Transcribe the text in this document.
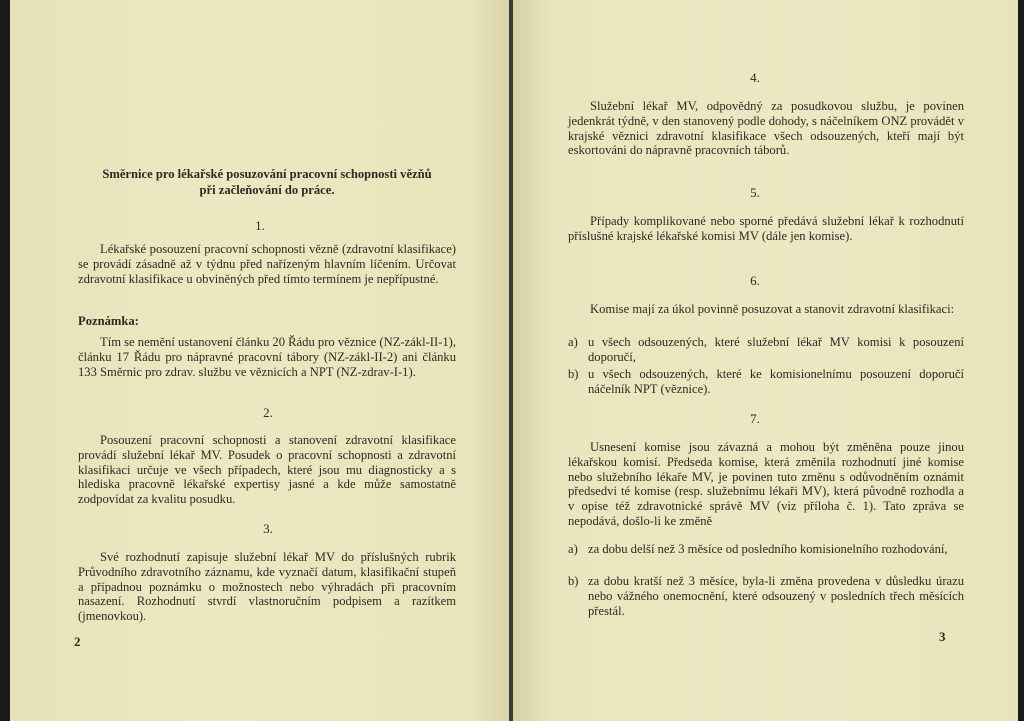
Směrnice pro lékařské posuzování pracovní schopnosti vězňů

při začleňování do práce.

1.

Lékařské posouzení pracovní schopnosti vězně (zdravotní klasifikace) se provádí zásadně až v týdnu před nařízeným hlavním líčením. Určovat zdravotní klasifikace u obviněných před tímto termínem je nepřípustné.

Poznámka:

Tím se nemění ustanovení článku 20 Řádu pro věznice (NZ-zákl-II-1), článku 17 Řádu pro nápravné pracovní tábory (NZ-zákl-II-2) ani článku 133 Směrnic pro zdrav. službu ve věznicích a NPT (NZ-zdrav-I-1).

2.

Posouzení pracovní schopnosti a stanovení zdravotní klasifikace provádí služební lékař MV. Posudek o pracovní schopnosti a zdravotní klasifikaci určuje ve všech případech, které jsou mu diagnosticky a s hlediska pracovně lékařské expertisy jasné a kde může samostatně zodpovídat za kvalitu posudku.

3.

Své rozhodnutí zapisuje služební lékař MV do příslušných rubrik Průvodního zdravotního záznamu, kde vyznačí datum, klasifikační stupeň a případnou poznámku o možnostech nebo výhradách při pracovním nasazení. Rozhodnutí stvrdí vlastnoručním podpisem a razítkem (jmenovkou).

2

4.

Služební lékař MV, odpovědný za posudkovou službu, je povinen jedenkrát týdně, v den stanovený podle dohody, s náčelníkem ONZ provádět v krajské věznici zdravotní klasifikace všech odsouzených, kteří mají být eskortováni do nápravně pracovních táborů.

5.

Případy komplikované nebo sporné předává služební lékař k rozhodnutí příslušné krajské lékařské komisi MV (dále jen komise).

6.

Komise mají za úkol povinně posuzovat a stanovit zdravotní klasifikaci:

a) u všech odsouzených, které služební lékař MV komisi k posouzení doporučí,
b) u všech odsouzených, které ke komisionelnímu posouzení doporučí náčelník NPT (věznice).

7.

Usnesení komise jsou závazná a mohou být změněna pouze jinou lékařskou komisí. Předseda komise, která změnila rozhodnutí jiné komise nebo služebního lékaře MV, je povinen tuto změnu s odůvodněním oznámit předsedvi té komise (resp. služebnímu lékaři MV), která původně rozhodla a v opise též zdravotnické správě MV (viz příloha č. 1). Tato zpráva se nepodává, došlo-li ke změně

a) za dobu delší než 3 měsíce od posledního komisionelního rozhodování,
b) za dobu kratší než 3 měsíce, byla-li změna provedena v důsledku úrazu nebo vážného onemocnění, které odsouzený v posledních třech měsících přestál.
3
